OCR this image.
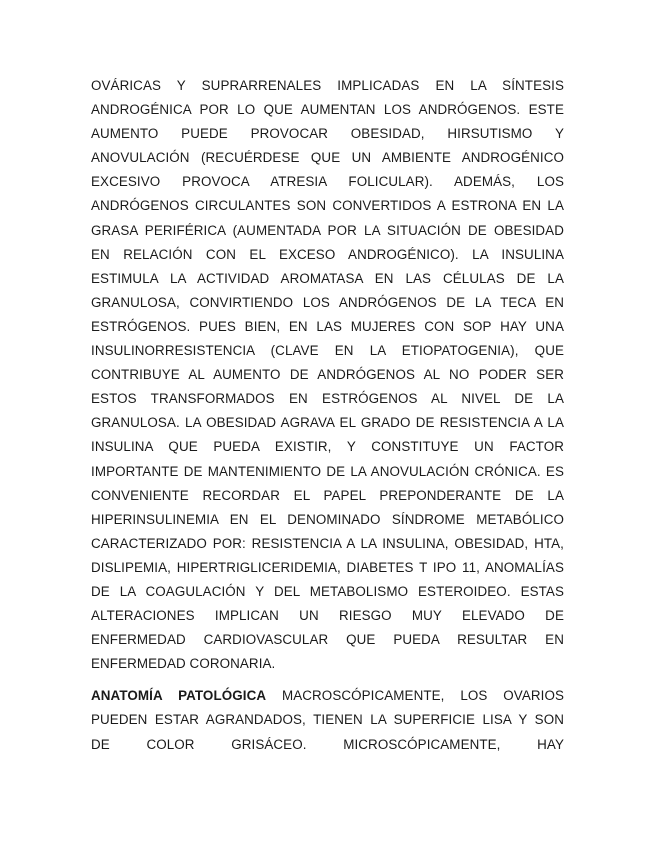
OVÁRICAS Y SUPRARRENALES IMPLICADAS EN LA SÍNTESIS
ANDROGÉNICA POR LO QUE AUMENTAN LOS ANDRÓGENOS. ESTE
AUMENTO PUEDE PROVOCAR OBESIDAD, HIRSUTISMO Y
ANOVULACIÓN (RECUÉRDESE QUE UN AMBIENTE ANDROGÉNICO
EXCESIVO PROVOCA ATRESIA FOLICULAR). ADEMÁS, LOS
ANDRÓGENOS CIRCULANTES SON CONVERTIDOS A ESTRONA EN LA
GRASA PERIFÉRICA (AUMENTADA POR LA SITUACIÓN DE OBESIDAD
EN RELACIÓN CON EL EXCESO ANDROGÉNICO). LA INSULINA
ESTIMULA LA ACTIVIDAD AROMATASA EN LAS CÉLULAS DE LA
GRANULOSA, CONVIRTIENDO LOS ANDRÓGENOS DE LA TECA EN
ESTRÓGENOS. PUES BIEN, EN LAS MUJERES CON SOP HAY UNA
INSULINORRESISTENCIA (CLAVE EN LA ETIOPATOGENIA), QUE
CONTRIBUYE AL AUMENTO DE ANDRÓGENOS AL NO PODER SER
ESTOS TRANSFORMADOS EN ESTRÓGENOS AL NIVEL DE LA
GRANULOSA. LA OBESIDAD AGRAVA EL GRADO DE RESISTENCIA A LA
INSULINA QUE PUEDA EXISTIR, Y CONSTITUYE UN FACTOR
IMPORTANTE DE MANTENIMIENTO DE LA ANOVULACIÓN CRÓNICA. ES
CONVENIENTE RECORDAR EL PAPEL PREPONDERANTE DE LA
HIPERINSULINEMIA EN EL DENOMINADO SÍNDROME METABÓLICO
CARACTERIZADO POR: RESISTENCIA A LA INSULINA, OBESIDAD, HTA,
DISLIPEMIA, HIPERTRIGLICERIDEMIA, DIABETES T IPO 11, ANOMALÍAS
DE LA COAGULACIÓN Y DEL METABOLISMO ESTEROIDEO. ESTAS
ALTERACIONES IMPLICAN UN RIESGO MUY ELEVADO DE
ENFERMEDAD CARDIOVASCULAR QUE PUEDA RESULTAR EN
ENFERMEDAD CORONARIA.

ANATOMÍA PATOLÓGICA MACROSCÓPICAMENTE, LOS OVARIOS
PUEDEN ESTAR AGRANDADOS, TIENEN LA SUPERFICIE LISA Y SON
DE COLOR GRISÁCEO. MICROSCÓPICAMENTE, HAY
